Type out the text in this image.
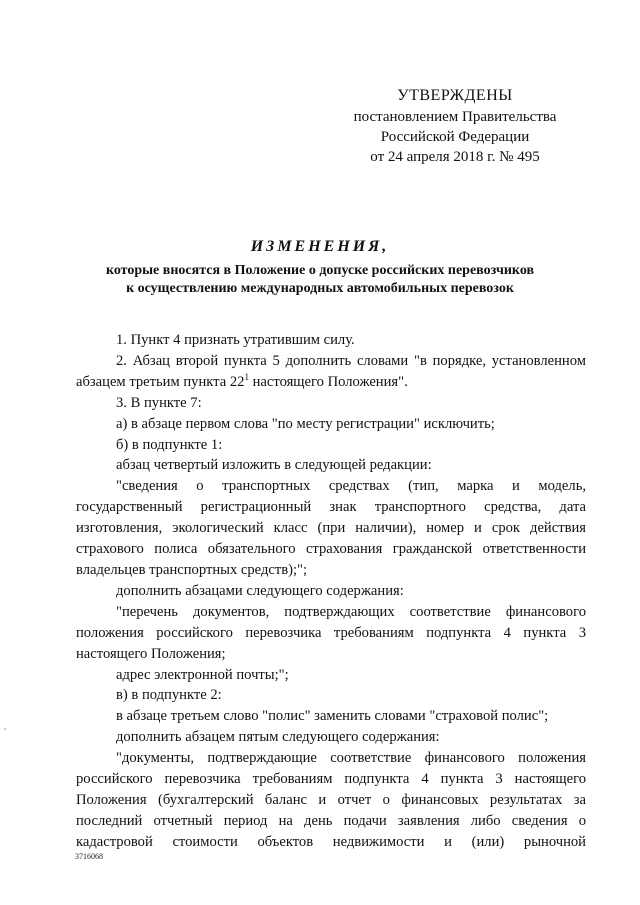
УТВЕРЖДЕНЫ
постановлением Правительства
Российской Федерации
от 24 апреля 2018 г. № 495
ИЗМЕНЕНИЯ,
которые вносятся в Положение о допуске российских перевозчиков
к осуществлению международных автомобильных перевозок

1. Пункт 4 признать утратившим силу.

2. Абзац второй пункта 5 дополнить словами "в порядке, установленном абзацем третьим пункта $22^1$ настоящего Положения".

3. В пункте 7:

а) в абзаце первом слова "по месту регистрации" исключить;

б) в подпункте 1:

абзац четвертый изложить в следующей редакции:

"сведения о транспортных средствах (тип, марка и модель, государственный регистрационный знак транспортного средства, дата изготовления, экологический класс (при наличии), номер и срок действия страхового полиса обязательного страхования гражданской ответственности владельцев транспортных средств);";

дополнить абзацами следующего содержания:

"перечень документов, подтверждающих соответствие финансового положения российского перевозчика требованиям подпункта 4 пункта 3 настоящего Положения;

адрес электронной почты;";

в) в подпункте 2:

в абзаце третьем слово "полис" заменить словами "страховой полис";

дополнить абзацем пятым следующего содержания:

"документы, подтверждающие соответствие финансового положения российского перевозчика требованиям подпункта 4 пункта 3 настоящего Положения (бухгалтерский баланс и отчет о финансовых результатах за последний отчетный период на день подачи заявления либо сведения о кадастровой стоимости объектов недвижимости и (или) рыночной

3716068
